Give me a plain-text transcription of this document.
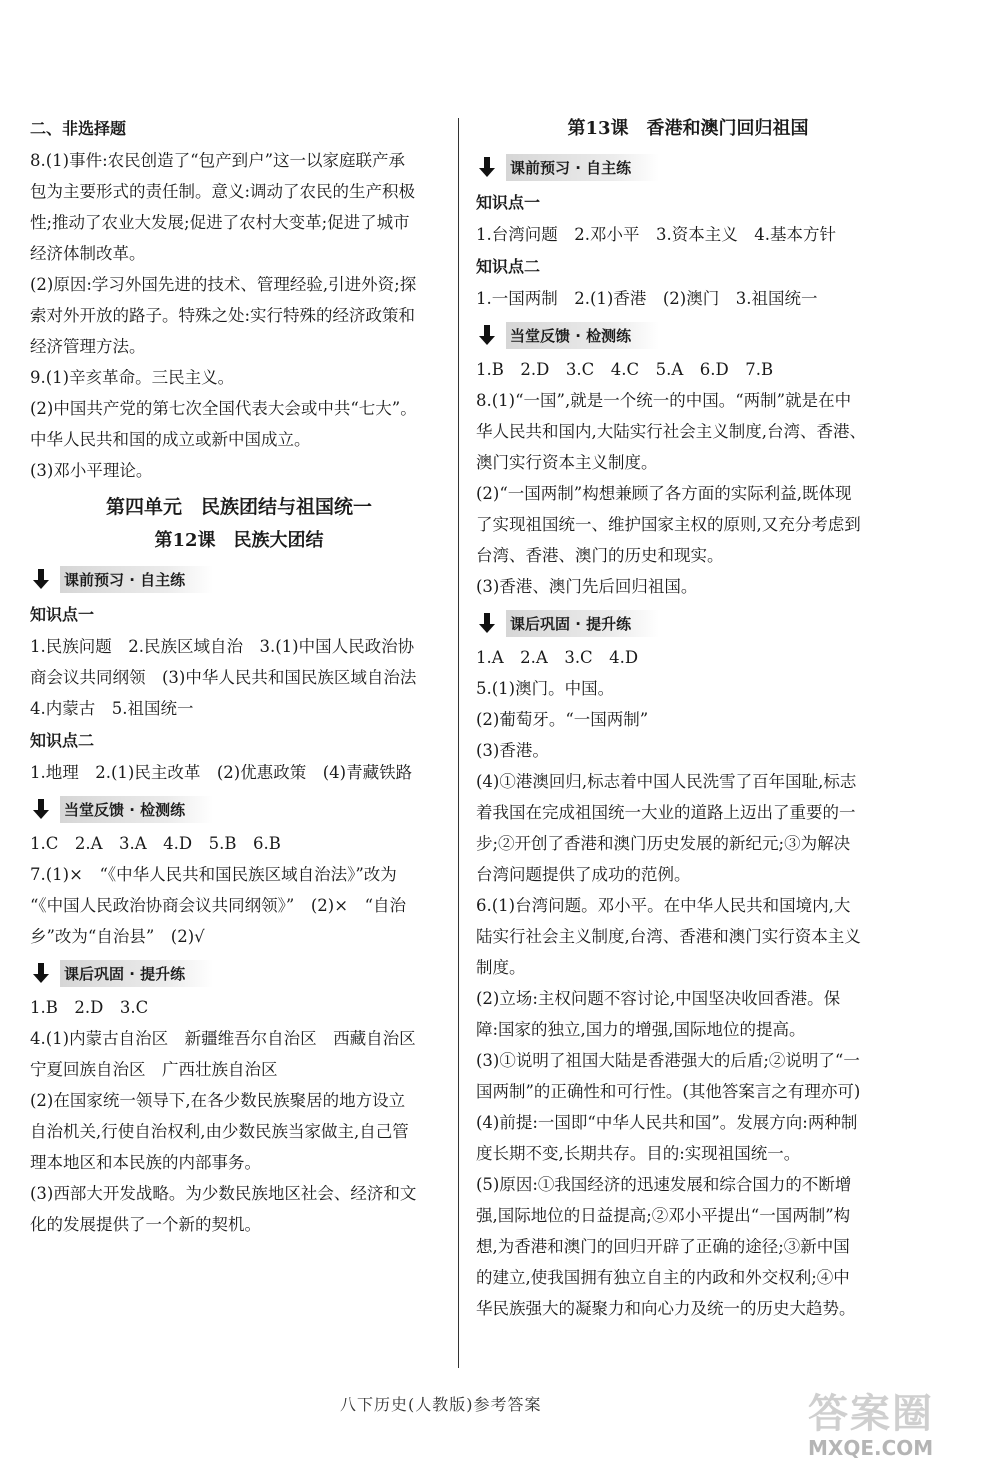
二、非选择题

8.(1)事件:农民创造了“包产到户”这一以家庭联产承

包为主要形式的责任制。意义:调动了农民的生产积极

性;推动了农业大发展;促进了农村大变革;促进了城市

经济体制改革。

(2)原因:学习外国先进的技术、管理经验,引进外资;探

索对外开放的路子。特殊之处:实行特殊的经济政策和

经济管理方法。

9.(1)辛亥革命。三民主义。

(2)中国共产党的第七次全国代表大会或中共“七大”。

中华人民共和国的成立或新中国成立。

(3)邓小平理论。

第四单元　民族团结与祖国统一

第12课　民族大团结

课前预习 · 自主练

知识点一

1.民族问题　2.民族区域自治　3.(1)中国人民政治协

商会议共同纲领　(3)中华人民共和国民族区域自治法

4.内蒙古　5.祖国统一

知识点二

1.地理　2.(1)民主改革　(2)优惠政策　(4)青藏铁路

当堂反馈 · 检测练

1.C　2.A　3.A　4.D　5.B　6.B

7.(1)×　“《中华人民共和国民族区域自治法》”改为

“《中国人民政治协商会议共同纲领》”　(2)×　“自治

乡”改为“自治县”　(2)√

课后巩固 · 提升练

1.B　2.D　3.C

4.(1)内蒙古自治区　新疆维吾尔自治区　西藏自治区

宁夏回族自治区　广西壮族自治区

(2)在国家统一领导下,在各少数民族聚居的地方设立

自治机关,行使自治权利,由少数民族当家做主,自己管

理本地区和本民族的内部事务。

(3)西部大开发战略。为少数民族地区社会、经济和文

化的发展提供了一个新的契机。

第13课　香港和澳门回归祖国

课前预习 · 自主练

知识点一

1.台湾问题　2.邓小平　3.资本主义　4.基本方针

知识点二

1.一国两制　2.(1)香港　(2)澳门　3.祖国统一

当堂反馈 · 检测练

1.B　2.D　3.C　4.C　5.A　6.D　7.B

8.(1)“一国”,就是一个统一的中国。“两制”就是在中

华人民共和国内,大陆实行社会主义制度,台湾、香港、

澳门实行资本主义制度。

(2)“一国两制”构想兼顾了各方面的实际利益,既体现

了实现祖国统一、维护国家主权的原则,又充分考虑到

台湾、香港、澳门的历史和现实。

(3)香港、澳门先后回归祖国。

课后巩固 · 提升练

1.A　2.A　3.C　4.D

5.(1)澳门。中国。

(2)葡萄牙。“一国两制”

(3)香港。

(4)①港澳回归,标志着中国人民洗雪了百年国耻,标志

着我国在完成祖国统一大业的道路上迈出了重要的一

步;②开创了香港和澳门历史发展的新纪元;③为解决

台湾问题提供了成功的范例。

6.(1)台湾问题。邓小平。在中华人民共和国境内,大

陆实行社会主义制度,台湾、香港和澳门实行资本主义

制度。

(2)立场:主权问题不容讨论,中国坚决收回香港。保

障:国家的独立,国力的增强,国际地位的提高。

(3)①说明了祖国大陆是香港强大的后盾;②说明了“一

国两制”的正确性和可行性。(其他答案言之有理亦可)

(4)前提:一国即“中华人民共和国”。发展方向:两种制

度长期不变,长期共存。目的:实现祖国统一。

(5)原因:①我国经济的迅速发展和综合国力的不断增

强,国际地位的日益提高;②邓小平提出“一国两制”构

想,为香港和澳门的回归开辟了正确的途径;③新中国

的建立,使我国拥有独立自主的内政和外交权利;④中

华民族强大的凝聚力和向心力及统一的历史大趋势。

八下历史(人教版)参考答案	答案圈
MXQE.COM
